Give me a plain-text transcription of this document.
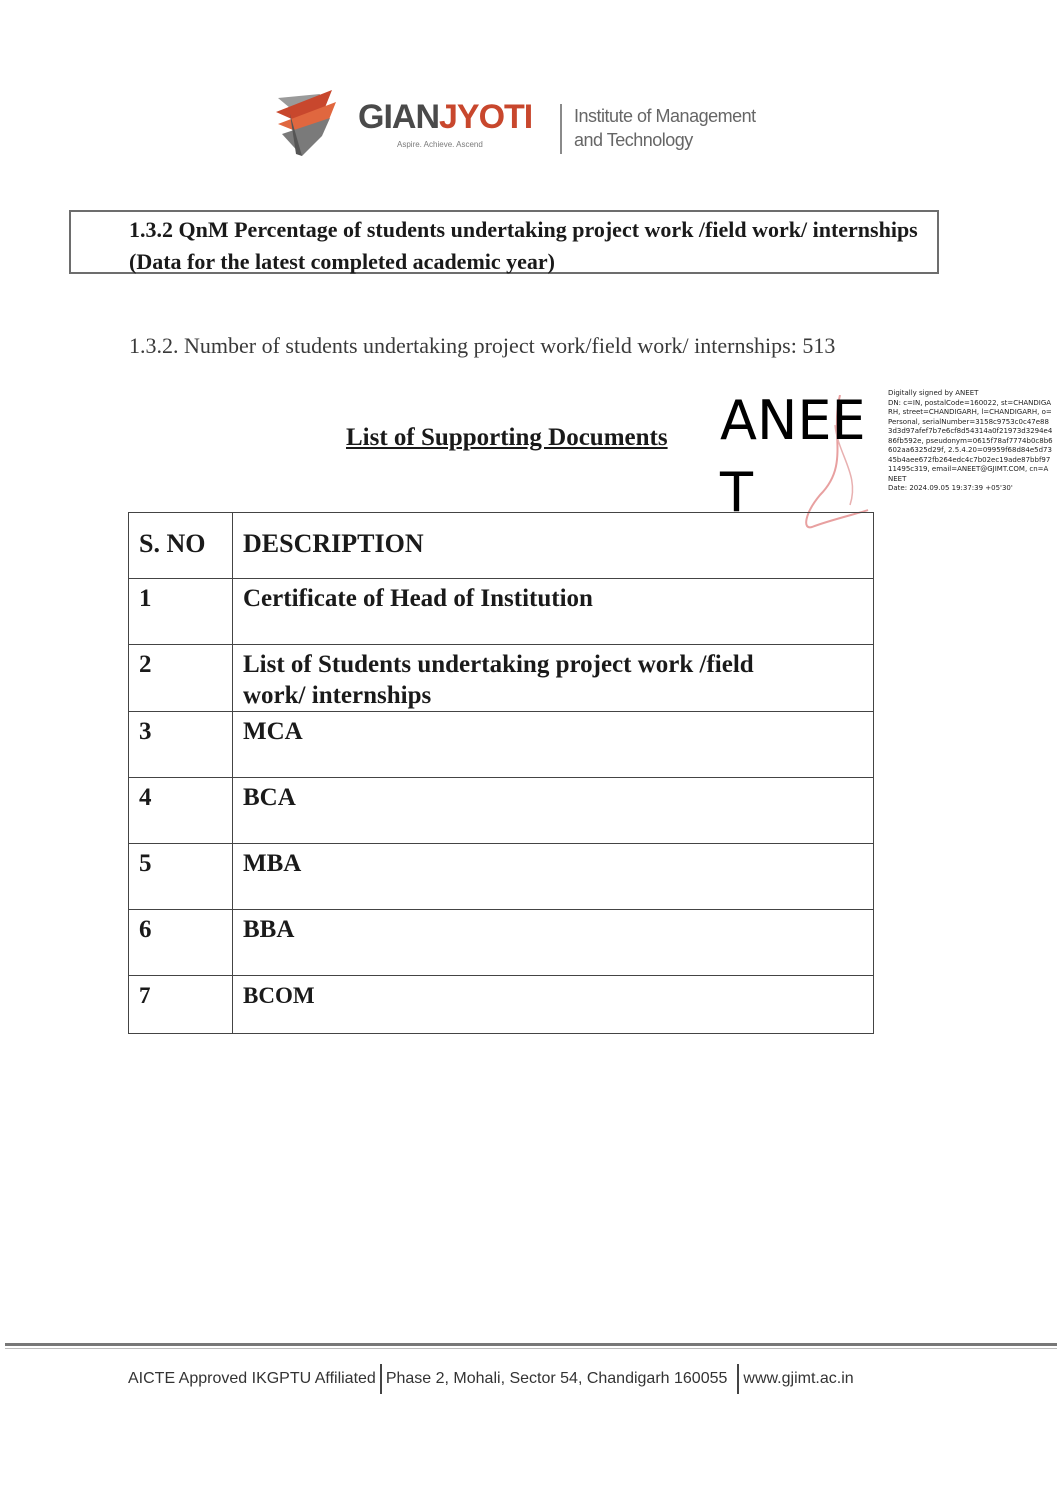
GIANJYOTI
Aspire. Achieve. Ascend
Institute of Management
and Technology
1.3.2 QnM Percentage of students undertaking project work /field work/ internships (Data for the latest completed academic year)
1.3.2. Number of students undertaking project work/field work/ internships: 513
List of Supporting Documents ANEET
Digitally signed by ANEET
DN: c=IN, postalCode=160022, st=CHANDIGARH, street=CHANDIGARH, l=CHANDIGARH, o=Personal, serialNumber=3158c9753c0c47e883d3d97afef7b7e6cf8d54314a0f21973d3294e486fb592e, pseudonym=0615f78af7774b0c8b6602aa6325d29f, 2.5.4.20=09959f68d84e5d7345b4aee672fb264edc4c7b02ec19ade87bbf9711495c319, email=ANEET@GJIMT.COM, cn=ANEET
Date: 2024.09.05 19:37:39 +05'30'
S. NO	DESCRIPTION
1	Certificate of Head of Institution
2	List of Students undertaking project work /field work/ internships
3	MCA
4	BCA
5	MBA
6	BBA
7	BCOM
AICTE Approved IKGPTU Affiliated Phase 2, Mohali, Sector 54, Chandigarh 160055 www.gjimt.ac.in
